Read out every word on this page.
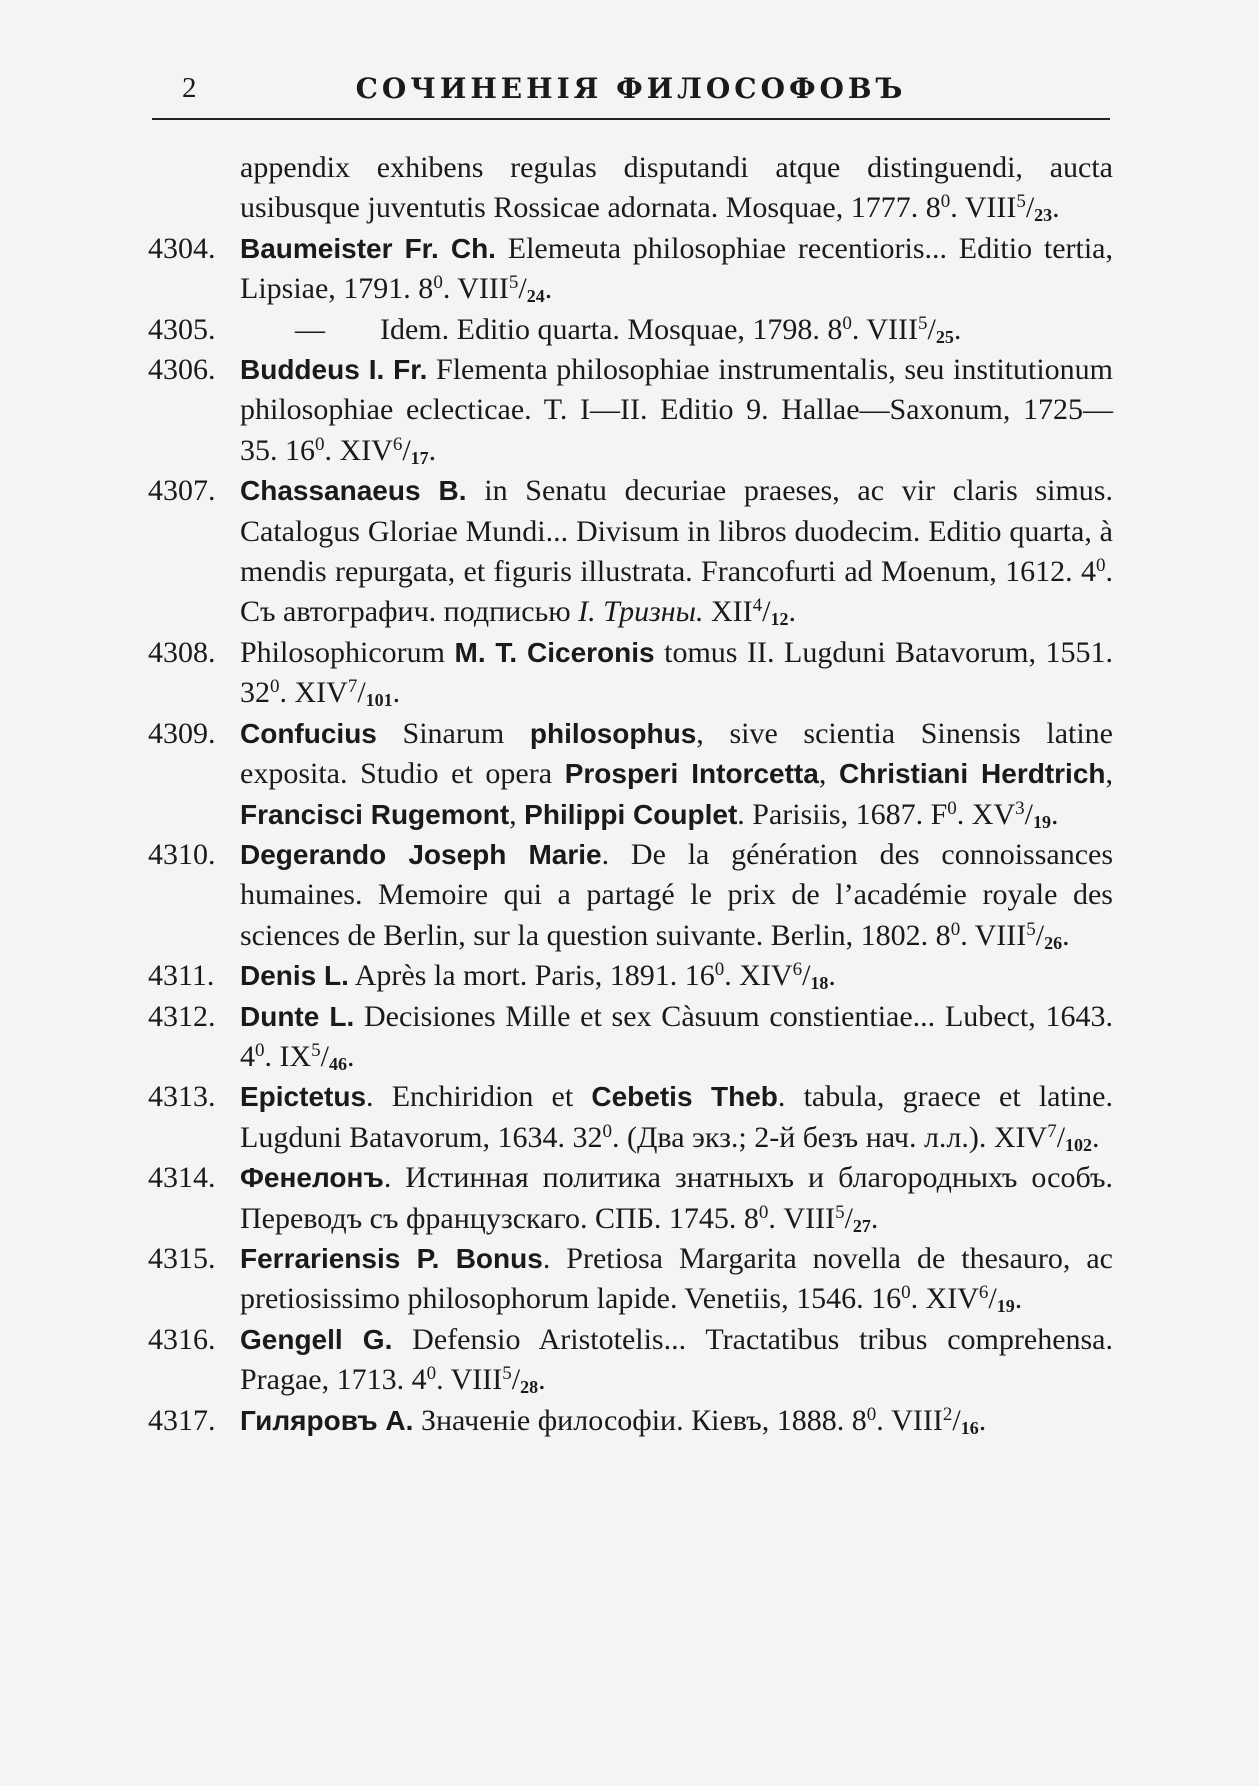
2	СОЧИНЕНІЯ ФИЛОСОФОВЪ
appendix exhibens regulas disputandi atque distinguendi, aucta usibusque juventutis Rossicae adornata. Mosquae, 1777. $8^0$. $VIII^5/_{23}$.
4304. Baumeister Fr. Ch. Elemeuta philosophiae recentioris... Editio tertia, Lipsiae, 1791. $8^0$. $VIII^5/_{24}$.
4305.	— Idem. Editio quarta. Mosquae, 1798. $8^0$. $VIII^5/_{25}$.
4306. Buddeus I. Fr. Flementa philosophiae instrumentalis, seu institutionum philosophiae eclecticae. T. I—II. Editio 9. Hallae—Saxonum, 1725—35. $16^0$. $XIV^6/_{17}$.
4307. Chassanaeus B. in Senatu decuriae praeses, ac vir claris simus. Catalogus Gloriae Mundi... Divisum in libros duodecim. Editio quarta, à mendis repurgata, et figuris illustrata. Francofurti ad Moenum, 1612. $4^0$. Съ автографич. подписью I. Тризны. $XII^4/_{12}$.
4308. Philosophicorum M. T. Ciceronis tomus II. Lugduni Batavorum, 1551. $32^0$. $XIV^7/_{101}$.
4309. Confucius Sinarum philosophus, sive scientia Sinensis latine exposita. Studio et opera Prosperi Intorcetta, Christiani Herdtrich, Francisci Rugemont, Philippi Couplet. Parisiis, 1687. $F^0$. $XV^3/_{19}$.
4310. Degerando Joseph Marie. De la génération des connoissances humaines. Memoire qui a partagé le prix de l’académie royale des sciences de Berlin, sur la question suivante. Berlin, 1802. $8^0$. $VIII^5/_{26}$.
4311. Denis L. Après la mort. Paris, 1891. $16^0$. $XIV^6/_{18}$.
4312. Dunte L. Decisiones Mille et sex Càsuum constientiae... Lubect, 1643. $4^0$. $IX^5/_{46}$.
4313. Epictetus. Enchiridion et Cebetis Theb. tabula, graece et latine. Lugduni Batavorum, 1634. $32^0$. (Два экз.; 2-й безъ нач. л.л.). $XIV^7/_{102}$.
4314. Фенелонъ. Истинная политика знатныхъ и благородныхъ особъ. Переводъ съ французскаго. СПБ. 1745. $8^0$. $VIII^5/_{27}$.
4315. Ferrariensis P. Bonus. Pretiosa Margarita novella de thesauro, ac pretiosissimo philosophorum lapide. Venetiis, 1546. $16^0$. $XIV^6/_{19}$.
4316. Gengell G. Defensio Aristotelis... Tractatibus tribus comprehensa. Pragae, 1713. $4^0$. $VIII^5/_{28}$.
4317. Гиляровъ А. Значеніе философіи. Кіевъ, 1888. $8^0$. $VIII^2/_{16}$.
